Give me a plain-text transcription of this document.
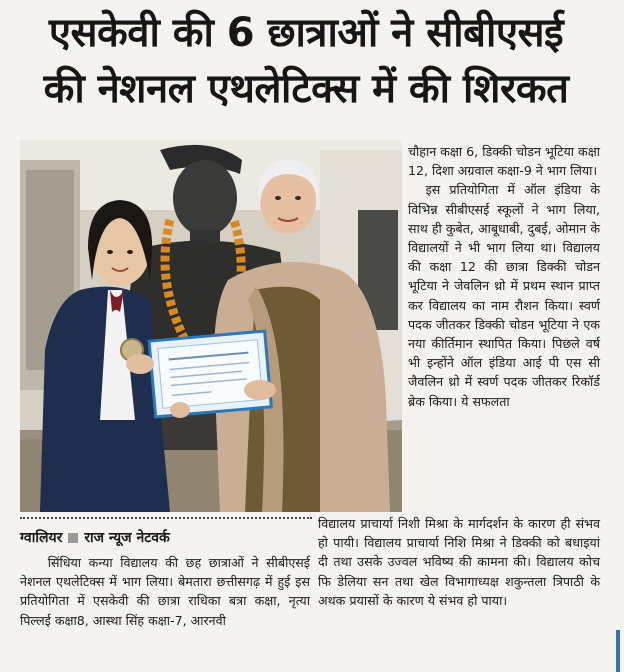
एसकेवी की 6 छात्राओं ने सीबीएसई
की नेशनल एथलेटिक्स में की शिरकत

चौहान कक्षा 6, डिक्की चोडन भूटिया कक्षा 12, दिशा अग्रवाल कक्षा-9 ने भाग लिया।

इस प्रतियोगिता में ऑल इंडिया के विभिन्न सीबीएसई स्कूलों ने भाग लिया, साथ ही कुबेत, आबूधाबी, दुबई, ओमान के विद्यालयों ने भी भाग लिया था। विद्यालय की कक्षा 12 की छात्रा डिक्की चोडन भूटिया ने जेवलिन थ्रो में प्रथम स्थान प्राप्त कर विद्यालय का नाम रौशन किया। स्वर्ण पदक जीतकर डिक्की चोडन भूटिया ने एक नया कीर्तिमान स्थापित किया। पिछले वर्ष भी इन्होंने ऑल इंडिया आई पी एस सी जैवलिन थ्रो में स्वर्ण पदक जीतकर रिकॉर्ड ब्रेक किया। ये सफलता

विद्यालय प्राचार्या निशी मिश्रा के मार्गदर्शन के कारण ही संभव हो पायी। विद्यालय प्राचार्या निशि मिश्रा ने डिक्की को बधाइयां दी तथा उसके उज्वल भविष्य की कामना की। विद्यालय कोच फि डेलिया सन तथा खेल विभागाध्यक्ष शकुन्तला त्रिपाठी के अथक प्रयासों के कारण ये संभव हो पाया।
ग्वालियर राज न्यूज नेटवर्क

सिंधिया कन्या विद्यालय की छह छात्राओं ने सीबीएसई नेशनल एथलेटिक्स में भाग लिया। बेमतारा छत्तीसगढ़ में हुई इस प्रतियोगिता में एसकेवी की छात्रा राधिका बत्रा कक्षा, नृत्या पिल्लई कक्षा8, आस्था सिंह कक्षा-7, आरनवी
